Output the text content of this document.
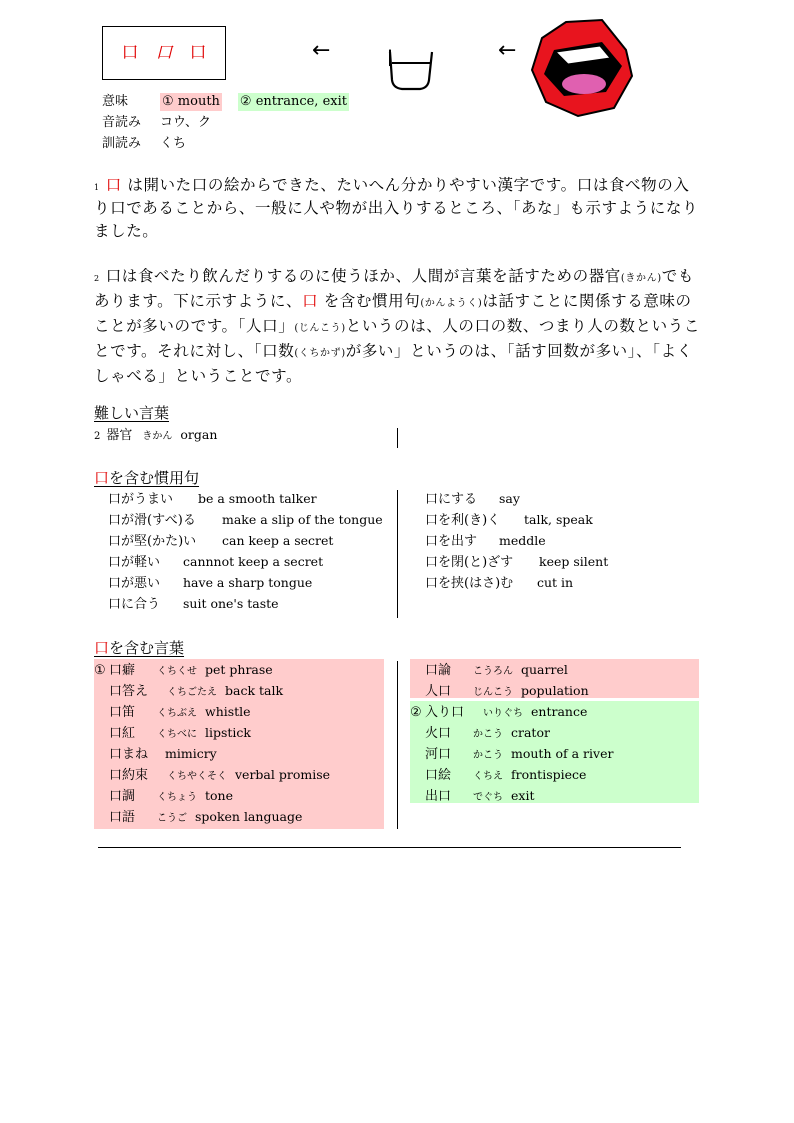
口 口 口	←	←
意味	① mouth ② entrance, exit
音読み	コウ、ク
訓読み	くち
$^1$ 口 は開いた口の絵からできた、たいへん分かりやすい漢字です。口は食べ物の入り口であることから、一般に人や物が出入りするところ、「あな」も示すようになりました。
$^2$ 口は食べたり飲んだりするのに使うほか、人間が言葉を話すための器官(きかん)でもあります。下に示すように、口 を含む慣用句(かんようく)は話すことに関係する意味のことが多いのです。「人口」(じんこう)というのは、人の口の数、つまり人の数ということです。それに対し、「口数(くちかず)が多い」というのは、「話す回数が多い」、「よくしゃべる」ということです。
難しい言葉
2 器官 きかん organ
口を含む慣用句
口がうまい be a smooth talker
口が滑(すべ)る make a slip of the tongue
口が堅(かた)い can keep a secret
口が軽い cannnot keep a secret
口が悪い have a sharp tongue
口に合う suit one's taste
口にする say
口を利(き)く talk, speak
口を出す meddle
口を閉(と)ざす keep silent
口を挟(はさ)む cut in
口を含む言葉
① 口癖 くちくせ pet phrase
口答え くちごたえ back talk
口笛 くちぶえ whistle
口紅 くちべに lipstick
口まね mimicry
口約束 くちやくそく verbal promise
口調 くちょう tone
口語 こうご spoken language
口論 こうろん quarrel
人口 じんこう population
② 入り口 いりぐち entrance
火口 かこう crator
河口 かこう mouth of a river
口絵 くちえ frontispiece
出口 でぐち exit
